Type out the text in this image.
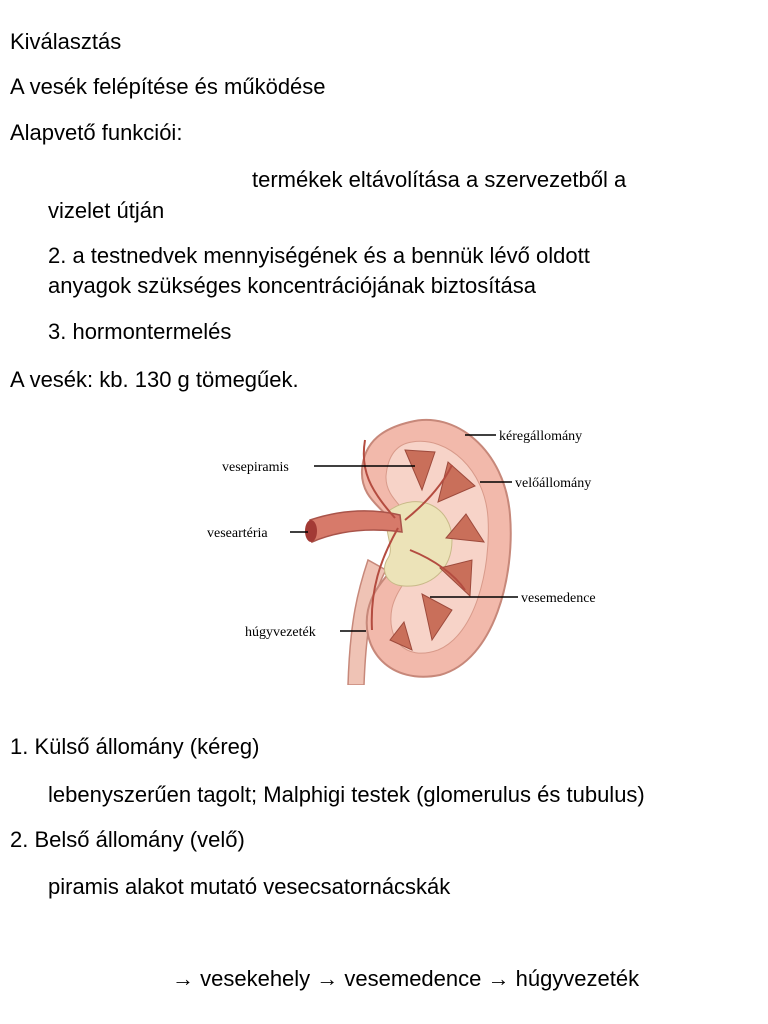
Kiválasztás
A vesék felépítése és működése
Alapvető funkciói:
termékek eltávolítása a szervezetből a
vizelet útján
2. a testnedvek mennyiségének és a bennük lévő oldott
anyagok szükséges koncentrációjának biztosítása
3. hormontermelés
A vesék: kb. 130 g tömegűek.
kéregállomány
vesepiramis
velőállomány
veseartéria
vesemedence
húgyvezeték
1. Külső állomány (kéreg)
lebenyszerűen tagolt; Malphigi testek (glomerulus és tubulus)
2. Belső állomány (velő)
piramis alakot mutató vesecsatornácskák
→ vesekehely → vesemedence → húgyvezeték
